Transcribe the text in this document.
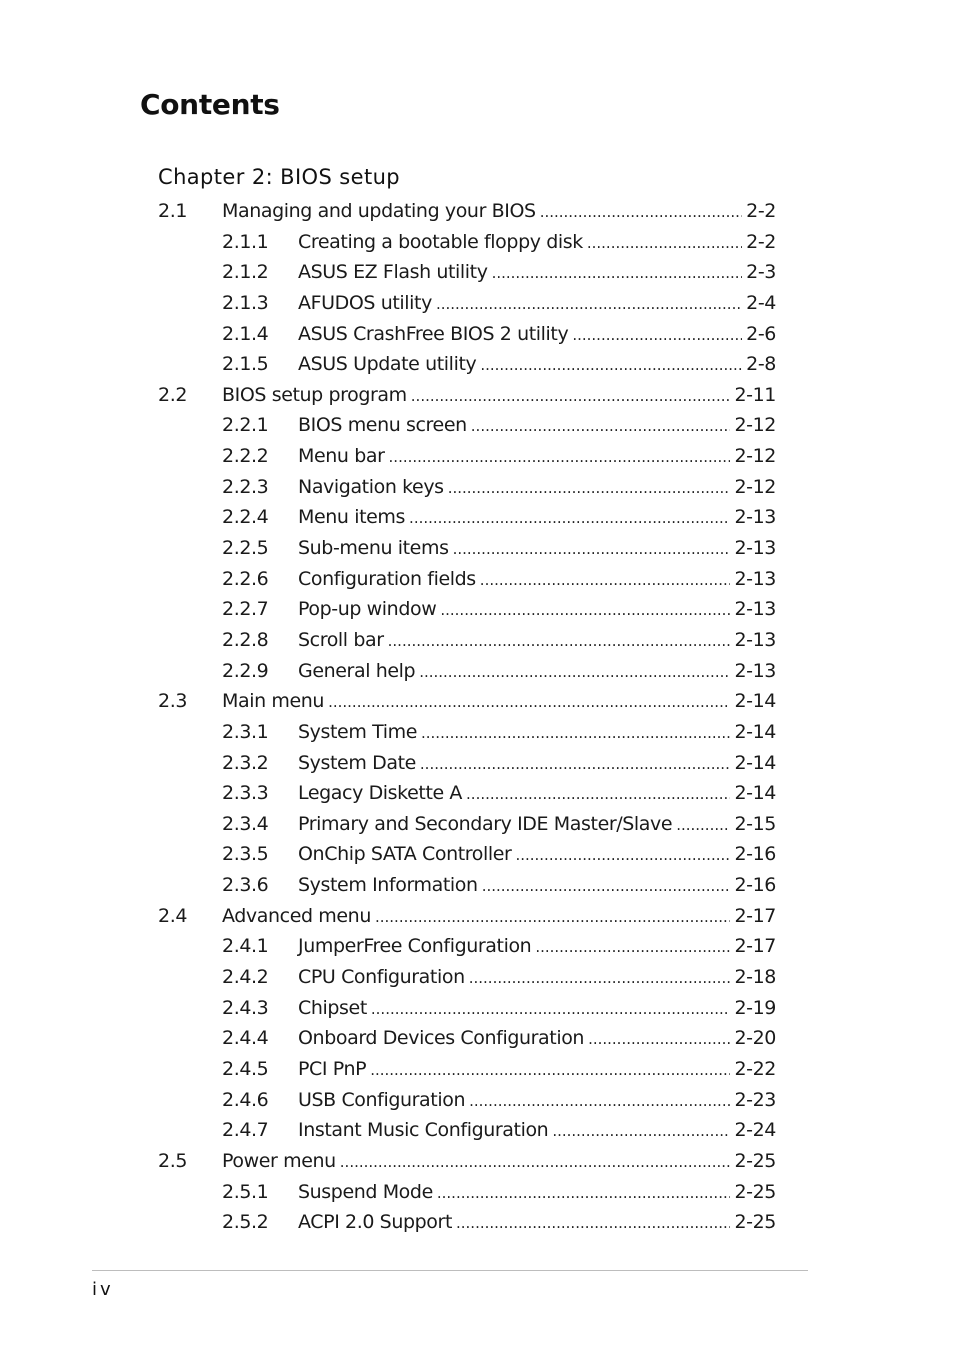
Contents
Chapter 2: BIOS setup
2.1 Managing and updating your BIOS .....	2-2
2.1.1 Creating a bootable floppy disk .....	2-2
2.1.2 ASUS EZ Flash utility .....	2-3
2.1.3 AFUDOS utility .....	2-4
2.1.4 ASUS CrashFree BIOS 2 utility .....	2-6
2.1.5 ASUS Update utility .....	2-8
2.2 BIOS setup program .....	2-11
2.2.1 BIOS menu screen .....	2-12
2.2.2 Menu bar .....	2-12
2.2.3 Navigation keys .....	2-12
2.2.4 Menu items .....	2-13
2.2.5 Sub-menu items .....	2-13
2.2.6 Configuration fields .....	2-13
2.2.7 Pop-up window .....	2-13
2.2.8 Scroll bar .....	2-13
2.2.9 General help .....	2-13
2.3 Main menu .....	2-14
2.3.1 System Time .....	2-14
2.3.2 System Date .....	2-14
2.3.3 Legacy Diskette A .....	2-14
2.3.4 Primary and Secondary IDE Master/Slave .....	2-15
2.3.5 OnChip SATA Controller .....	2-16
2.3.6 System Information .....	2-16
2.4 Advanced menu .....	2-17
2.4.1 JumperFree Configuration .....	2-17
2.4.2 CPU Configuration .....	2-18
2.4.3 Chipset .....	2-19
2.4.4 Onboard Devices Configuration .....	2-20
2.4.5 PCI PnP .....	2-22
2.4.6 USB Configuration .....	2-23
2.4.7 Instant Music Configuration .....	2-24
2.5 Power menu .....	2-25
2.5.1 Suspend Mode .....	2-25
2.5.2 ACPI 2.0 Support .....	2-25
iv
